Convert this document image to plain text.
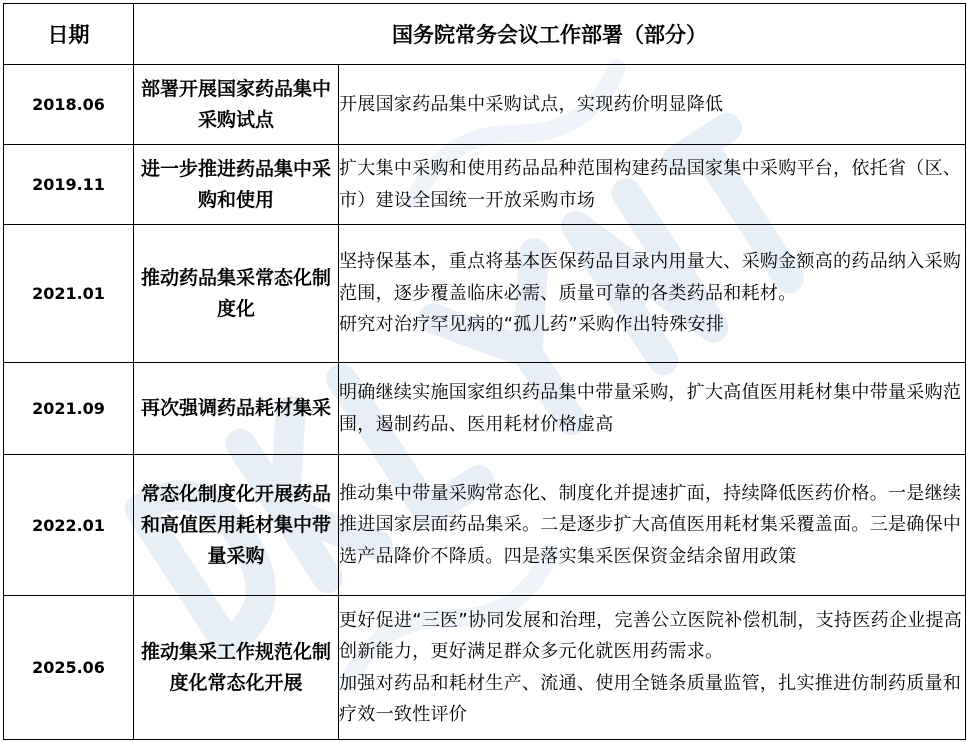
日期	国务院常务会议工作部署（部分）	
2018.06	部署开展国家药品集中采购试点	开展国家药品集中采购试点，实现药价明显降低

2019.11	进一步推进药品集中采购和使用	扩大集中采购和使用药品品种范围构建药品国家集中采购平台，依托省（区、市）建设全国统一开放采购市场

2021.01	推动药品集采常态化制度化	坚持保基本，重点将基本医保药品目录内用量大、采购金额高的药品纳入采购范围，逐步覆盖临床必需、质量可靠的各类药品和耗材。
研究对治疗罕见病的“孤儿药”采购作出特殊安排

2021.09	再次强调药品耗材集采	明确继续实施国家组织药品集中带量采购，扩大高值医用耗材集中带量采购范围，遏制药品、医用耗材价格虚高

2022.01	常态化制度化开展药品和高值医用耗材集中带量采购	推动集中带量采购常态化、制度化并提速扩面，持续降低医药价格。一是继续推进国家层面药品集采。二是逐步扩大高值医用耗材集采覆盖面。三是确保中选产品降价不降质。四是落实集采医保资金结余留用政策

2025.06	推动集采工作规范化制度化常态化开展	更好促进“三医”协同发展和治理，完善公立医院补偿机制，支持医药企业提高创新能力，更好满足群众多元化就医用药需求。
加强对药品和耗材生产、流通、使用全链条质量监管，扎实推进仿制药质量和疗效一致性评价
